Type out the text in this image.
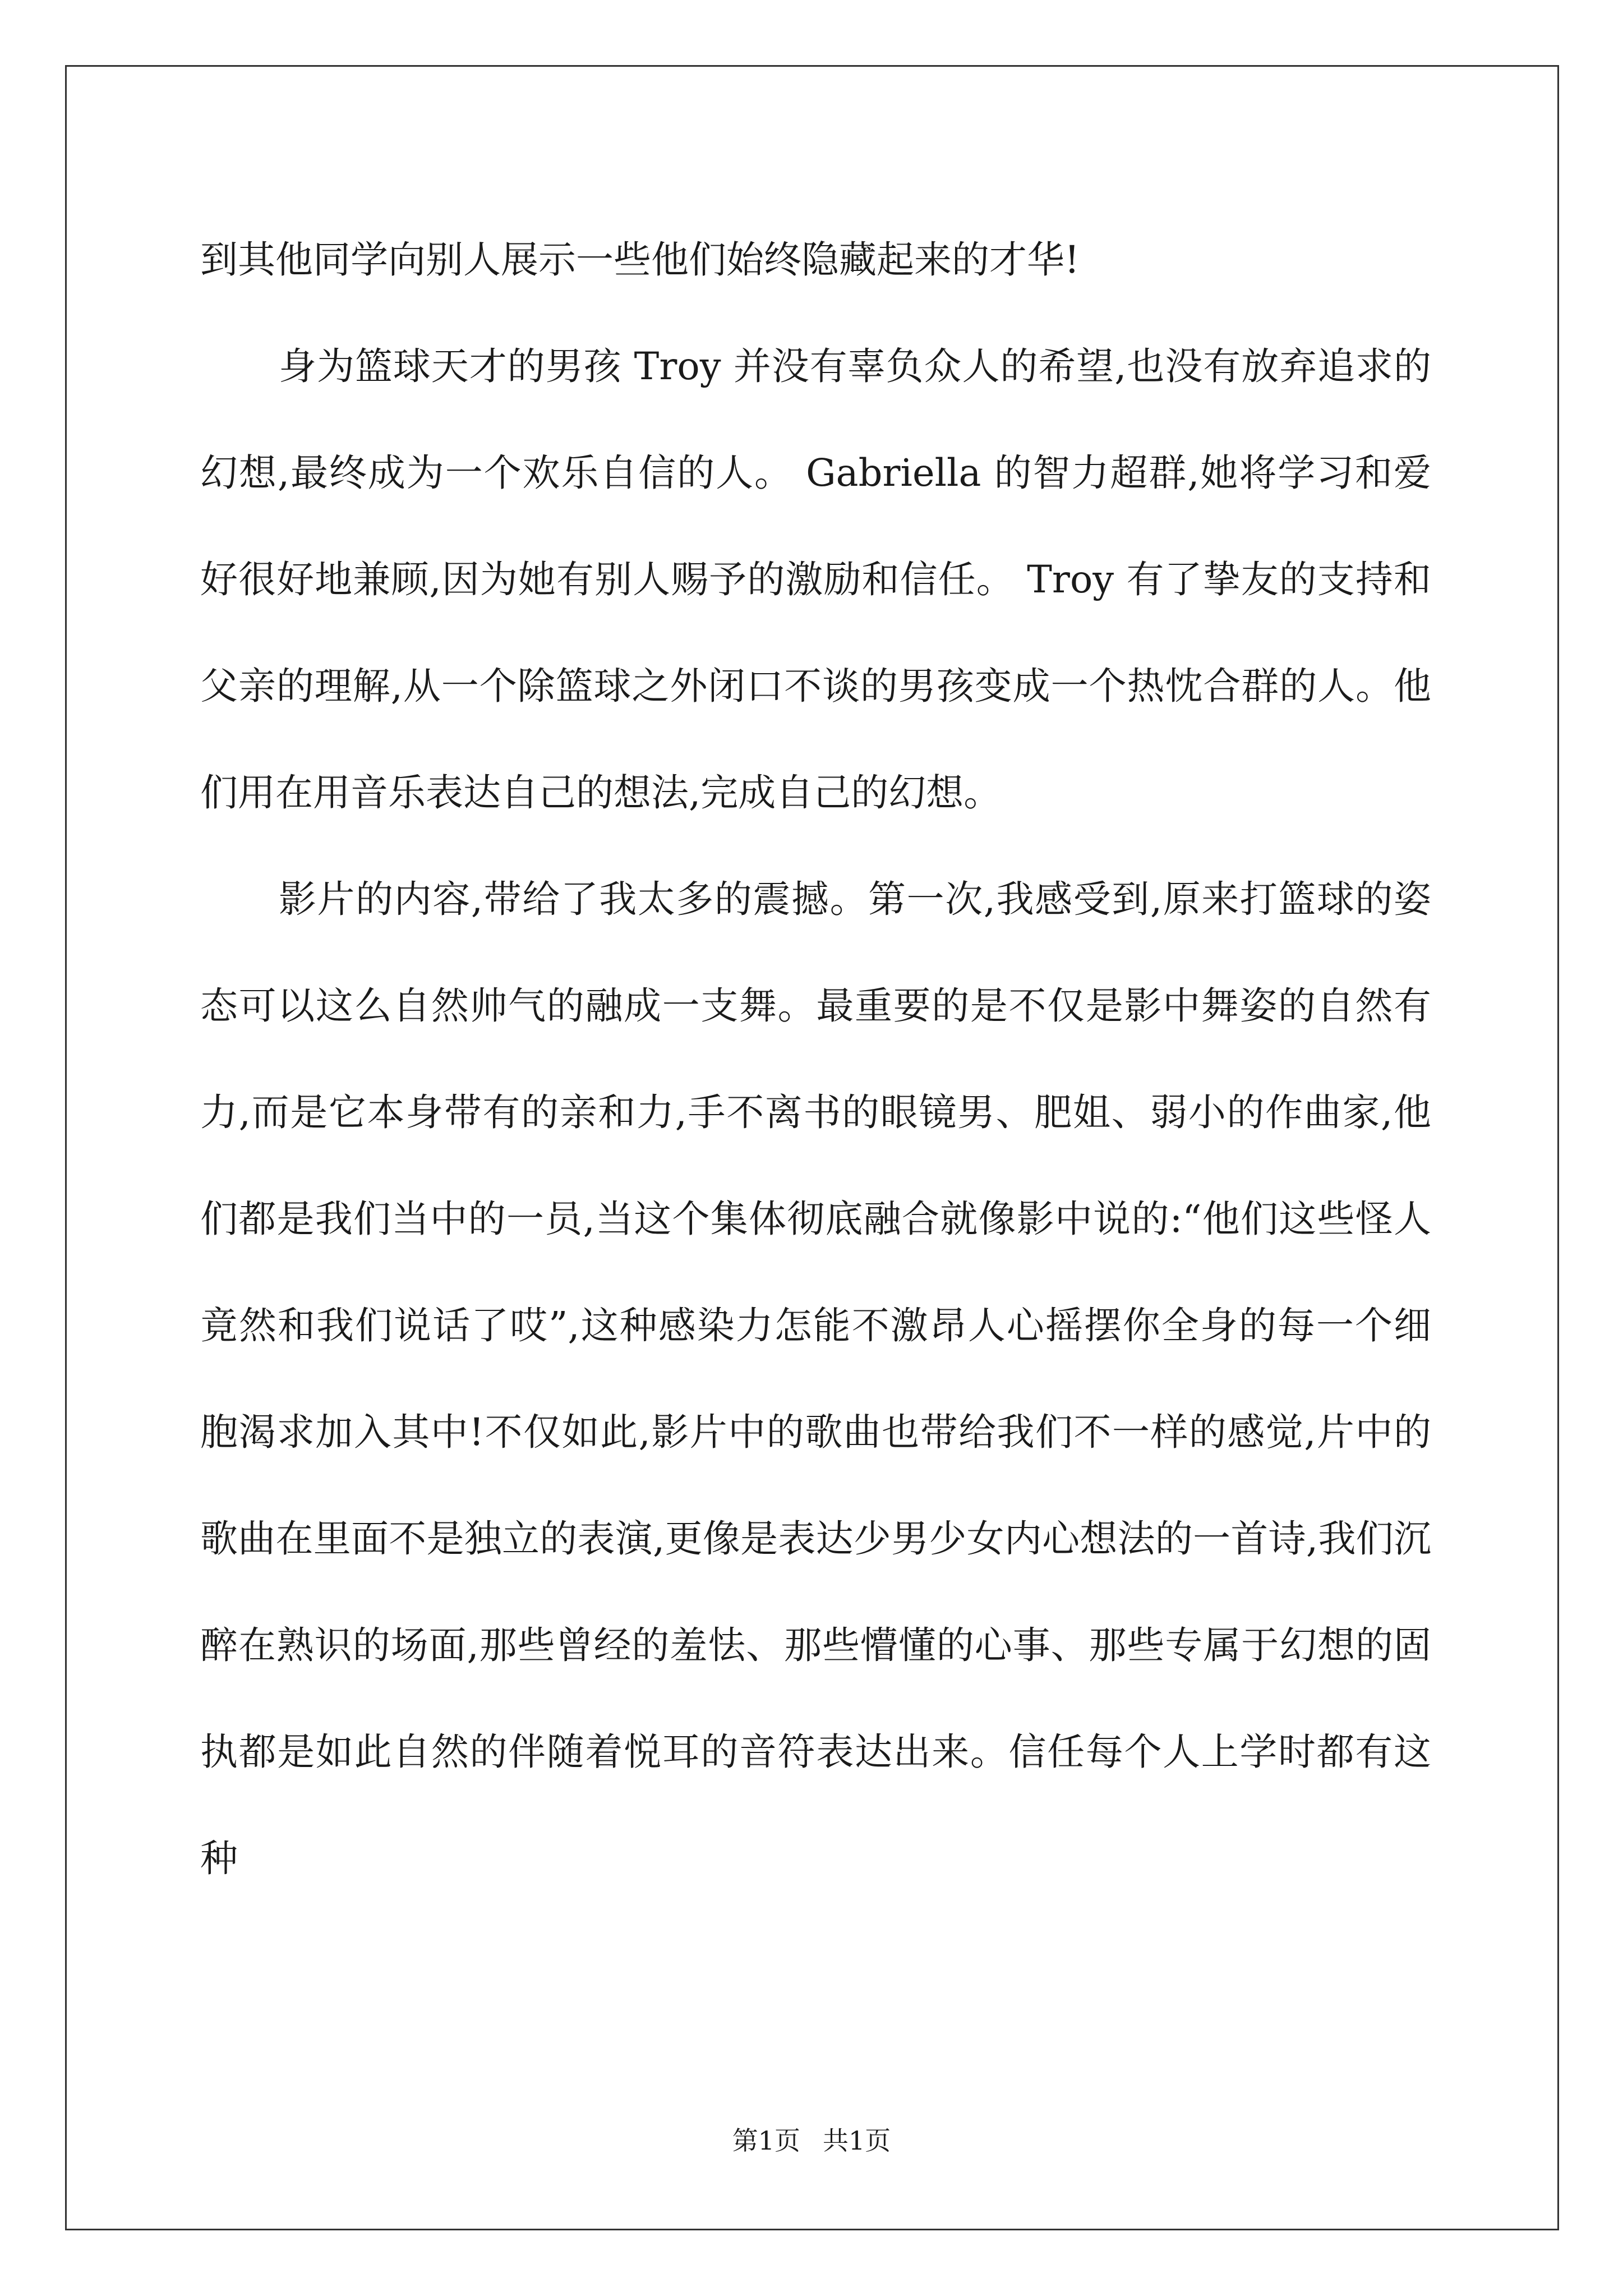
到其他同学向别人展示一些他们始终隐藏起来的才华!

身为篮球天才的男孩 Troy 并没有辜负众人的希望,也没有放弃追求的幻想,最终成为一个欢乐自信的人。 Gabriella 的智力超群,她将学习和爱好很好地兼顾,因为她有别人赐予的激励和信任。 Troy 有了挚友的支持和父亲的理解,从一个除篮球之外闭口不谈的男孩变成一个热忱合群的人。他们用在用音乐表达自己的想法,完成自己的幻想。

影片的内容,带给了我太多的震撼。第一次,我感受到,原来打篮球的姿态可以这么自然帅气的融成一支舞。最重要的是不仅是影中舞姿的自然有力,而是它本身带有的亲和力,手不离书的眼镜男、肥姐、弱小的作曲家,他们都是我们当中的一员,当这个集体彻底融合就像影中说的:“他们这些怪人竟然和我们说话了哎”,这种感染力怎能不激昂人心摇摆你全身的每一个细胞渴求加入其中!不仅如此,影片中的歌曲也带给我们不一样的感觉,片中的歌曲在里面不是独立的表演,更像是表达少男少女内心想法的一首诗,我们沉醉在熟识的场面,那些曾经的羞怯、那些懵懂的心事、那些专属于幻想的固执都是如此自然的伴随着悦耳的音符表达出来。信任每个人上学时都有这种

第1页 共1页
